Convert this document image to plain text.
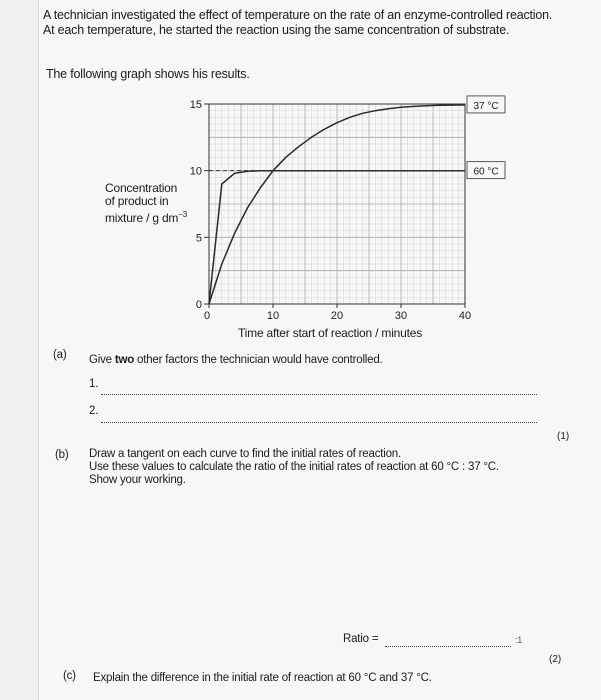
A technician investigated the effect of temperature on the rate of an enzyme-controlled reaction. At each temperature, he started the reaction using the same concentration of substrate.
The following graph shows his results.
Concentration
of product in
mixture / g $dm^{-3}$
0
5
10
15
0	10	20	30	40
37 °C
60 °C
Time after start of reaction / minutes
(a) Give two other factors the technician would have controlled.
1.
2.
(1)
(b) Draw a tangent on each curve to find the initial rates of reaction.
Use these values to calculate the ratio of the initial rates of reaction at 60 °C : 37 °C.
Show your working.
Ratio =	:1
(2)
(c) Explain the difference in the initial rate of reaction at 60 °C and 37 °C.
